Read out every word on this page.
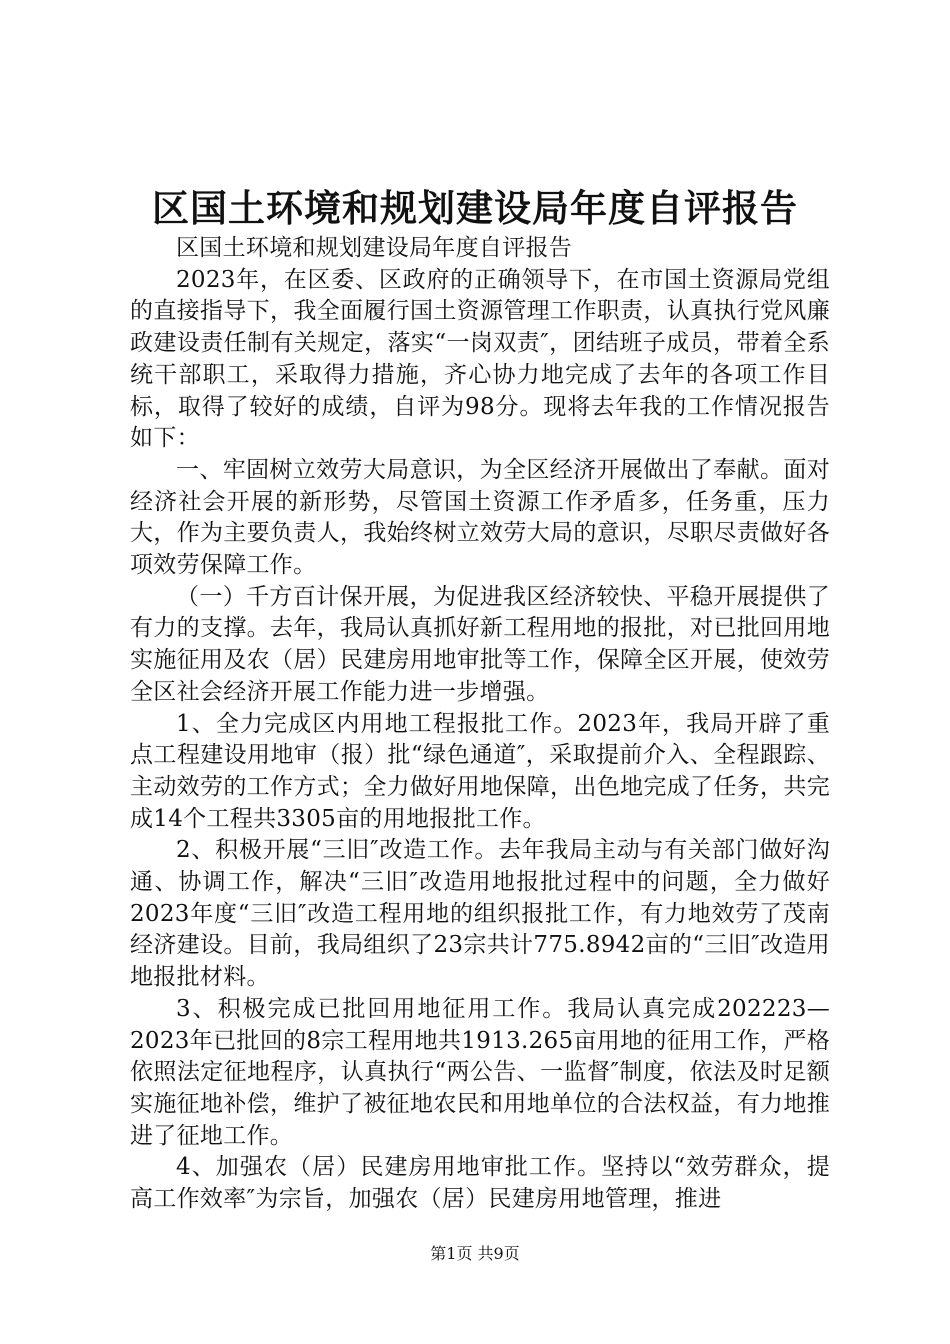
区国土环境和规划建设局年度自评报告

区国土环境和规划建设局年度自评报告

2023年，在区委、区政府的正确领导下，在市国土资源局党组的直接指导下，我全面履行国土资源管理工作职责，认真执行党风廉政建设责任制有关规定，落实“一岗双责″，团结班子成员，带着全系统干部职工，采取得力措施，齐心协力地完成了去年的各项工作目标，取得了较好的成绩，自评为98分。现将去年我的工作情况报告如下：

一、牢固树立效劳大局意识，为全区经济开展做出了奉献。面对经济社会开展的新形势，尽管国土资源工作矛盾多，任务重，压力大，作为主要负责人，我始终树立效劳大局的意识，尽职尽责做好各项效劳保障工作。

（一）千方百计保开展，为促进我区经济较快、平稳开展提供了有力的支撑。去年，我局认真抓好新工程用地的报批，对已批回用地实施征用及农（居）民建房用地审批等工作，保障全区开展，使效劳全区社会经济开展工作能力进一步增强。

1、全力完成区内用地工程报批工作。2023年，我局开辟了重点工程建设用地审（报）批“绿色通道″，采取提前介入、全程跟踪、主动效劳的工作方式；全力做好用地保障，出色地完成了任务，共完成14个工程共3305亩的用地报批工作。

2、积极开展“三旧″改造工作。去年我局主动与有关部门做好沟通、协调工作，解决“三旧″改造用地报批过程中的问题，全力做好2023年度“三旧″改造工程用地的组织报批工作，有力地效劳了茂南经济建设。目前，我局组织了23宗共计775.8942亩的“三旧″改造用地报批材料。

3、积极完成已批回用地征用工作。我局认真完成202223—2023年已批回的8宗工程用地共1913.265亩用地的征用工作，严格依照法定征地程序，认真执行“两公告、一监督″制度，依法及时足额实施征地补偿，维护了被征地农民和用地单位的合法权益，有力地推进了征地工作。

4、加强农（居）民建房用地审批工作。坚持以“效劳群众，提高工作效率″为宗旨，加强农（居）民建房用地管理，推进

第1页 共9页
